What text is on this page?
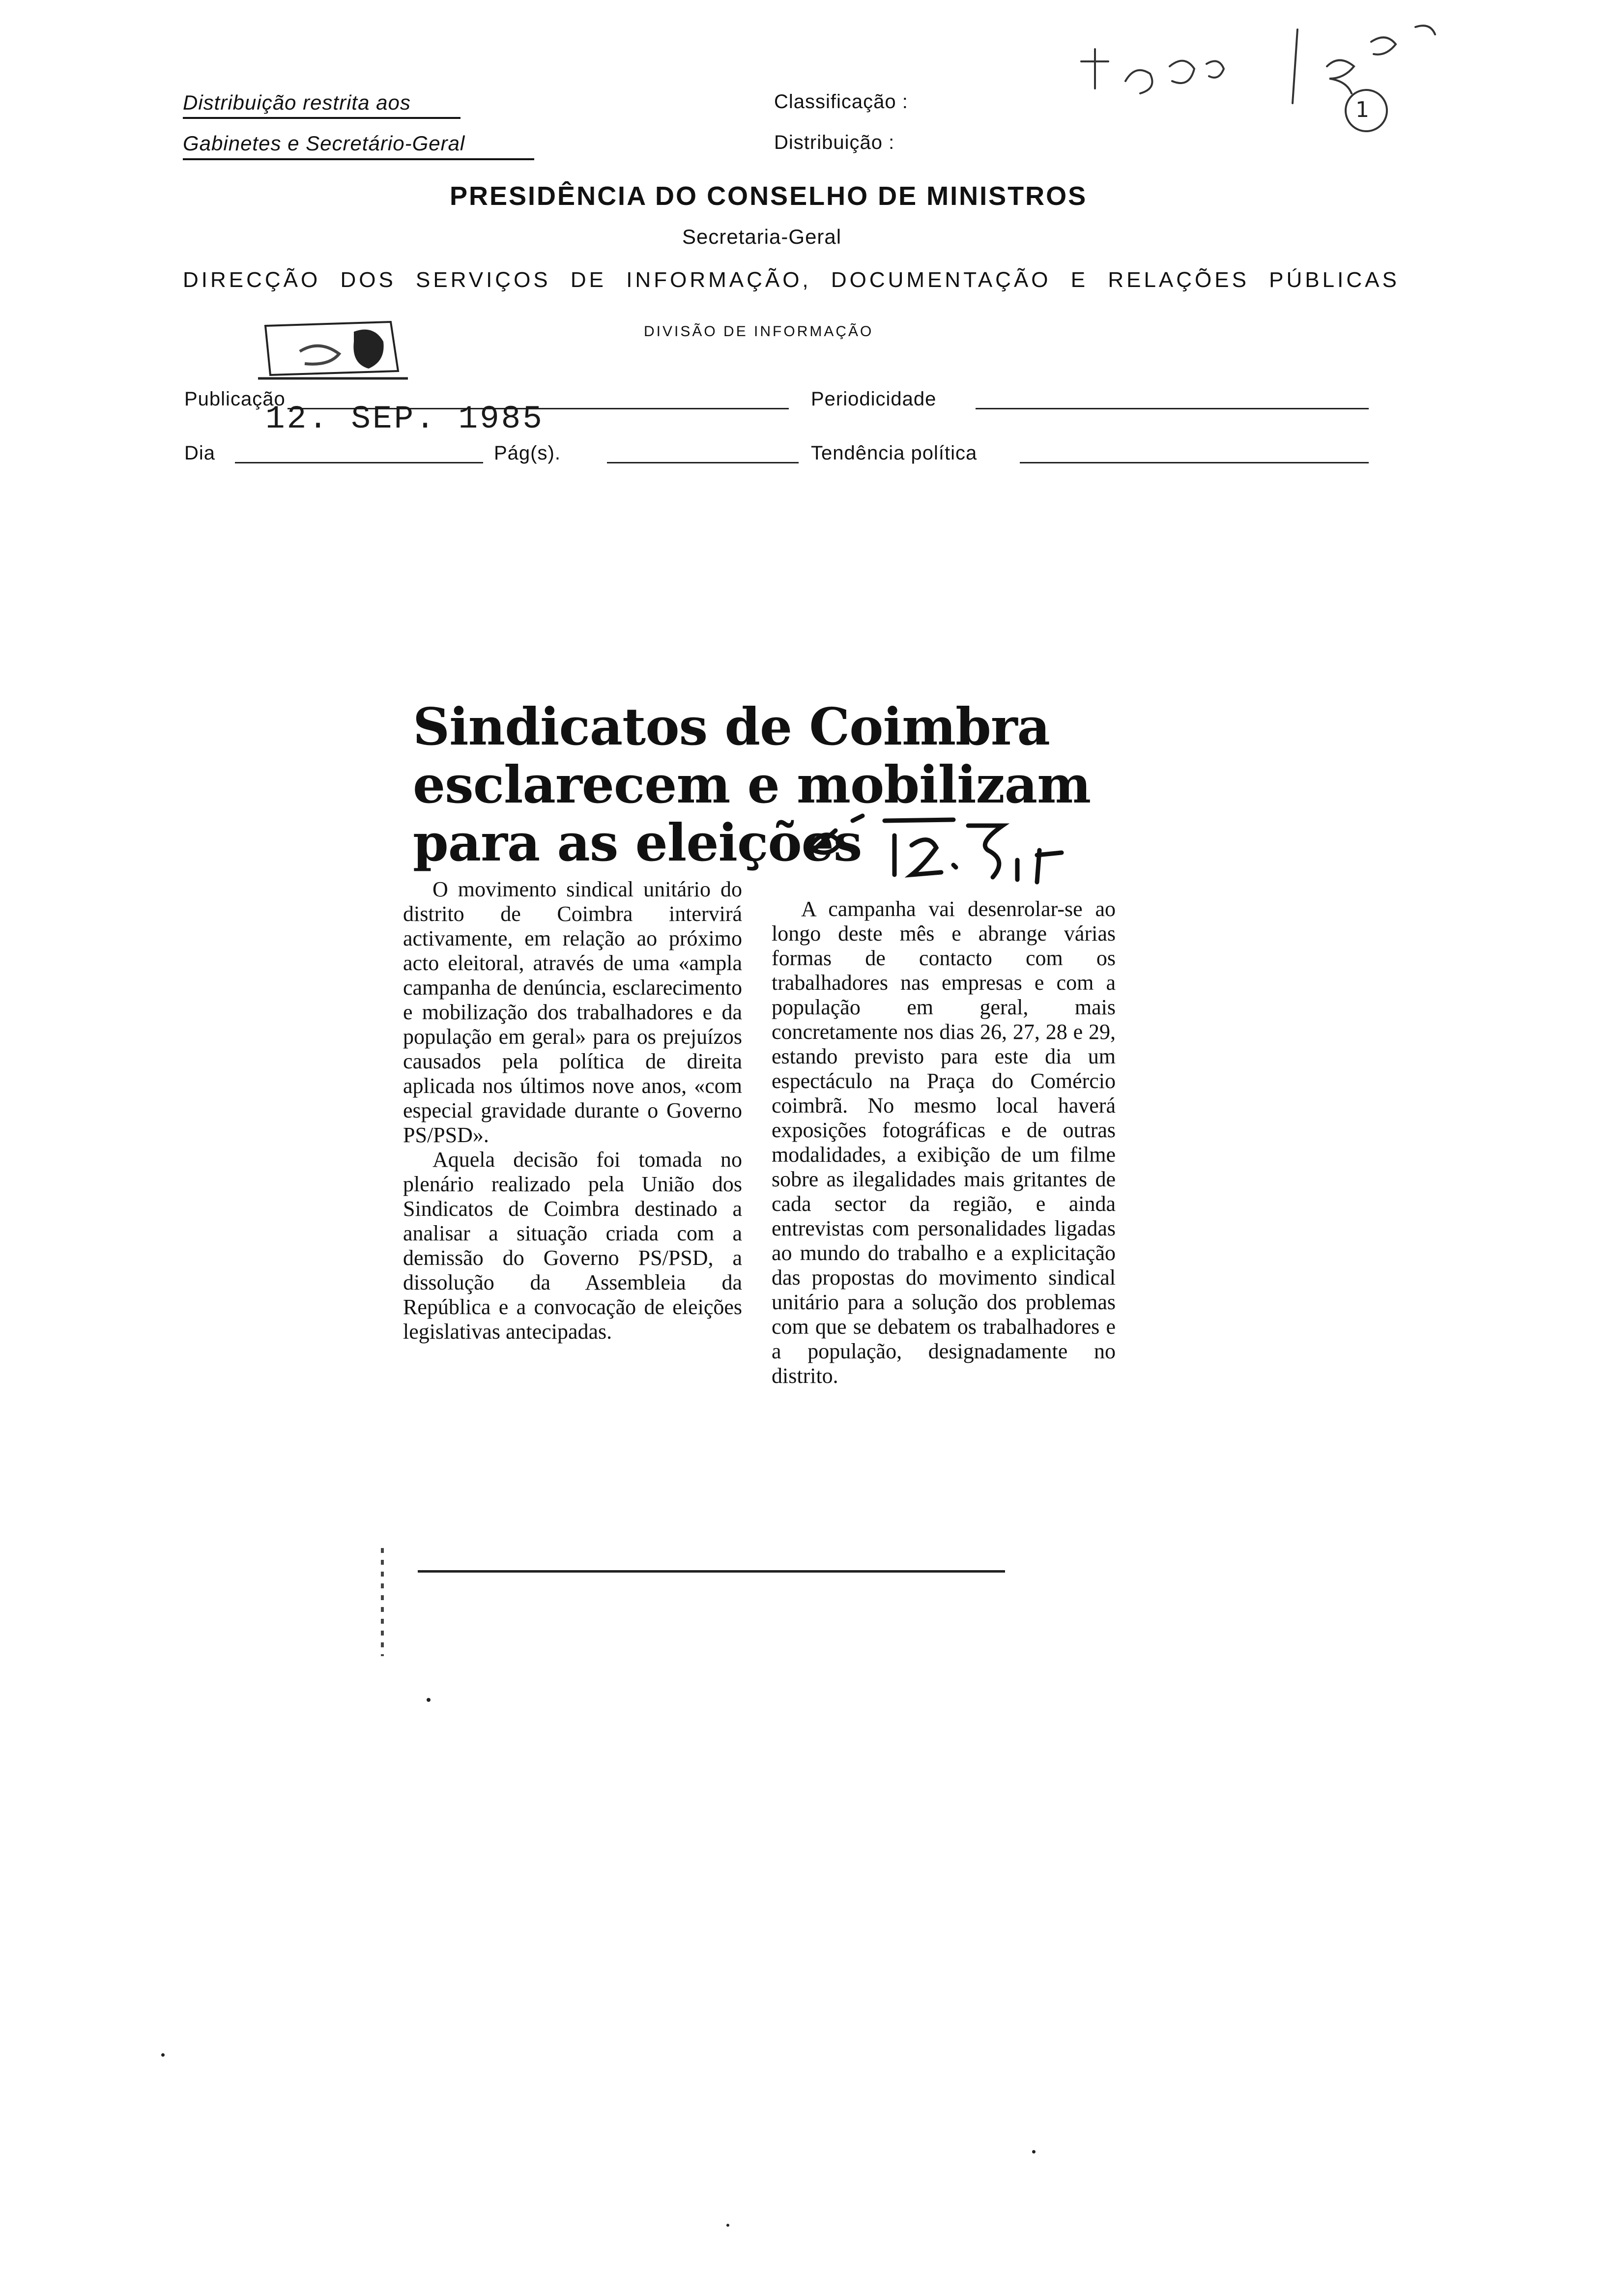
Distribuição restrita aos
Gabinetes e Secretário-Geral
Classificação :
Distribuição :
1
PRESIDÊNCIA DO CONSELHO DE MINISTROS
Secretaria-Geral
DIRECÇÃO DOS SERVIÇOS DE INFORMAÇÃO, DOCUMENTAÇÃO E RELAÇÕES PÚBLICAS
DIVISÃO DE INFORMAÇÃO
Publicação	Periodicidade
12. SEP. 1985
Dia	Pág(s).	Tendência política
Sindicatos de Coimbra
esclarecem e mobilizam
para as eleições

O movimento sindical unitário do distrito de Coimbra intervirá activamente, em relação ao próximo acto eleitoral, através de uma «ampla campanha de denúncia, esclarecimento e mobilização dos trabalhadores e da população em geral» para os prejuízos causados pela política de direita aplicada nos últimos nove anos, «com especial gravidade durante o Governo PS/PSD».

Aquela decisão foi tomada no plenário realizado pela União dos Sindicatos de Coimbra destinado a analisar a situação criada com a demissão do Governo PS/PSD, a dissolução da Assembleia da República e a convocação de eleições legislativas antecipadas.

A campanha vai desenrolar-se ao longo deste mês e abrange várias formas de contacto com os trabalhadores nas empresas e com a população em geral, mais concretamente nos dias 26, 27, 28 e 29, estando previsto para este dia um espectáculo na Praça do Comércio coimbrã. No mesmo local haverá exposições fotográficas e de outras modalidades, a exibição de um filme sobre as ilegalidades mais gritantes de cada sector da região, e ainda entrevistas com personalidades ligadas ao mundo do trabalho e a explicitação das propostas do movimento sindical unitário para a solução dos problemas com que se debatem os trabalhadores e a população, designadamente no distrito.
